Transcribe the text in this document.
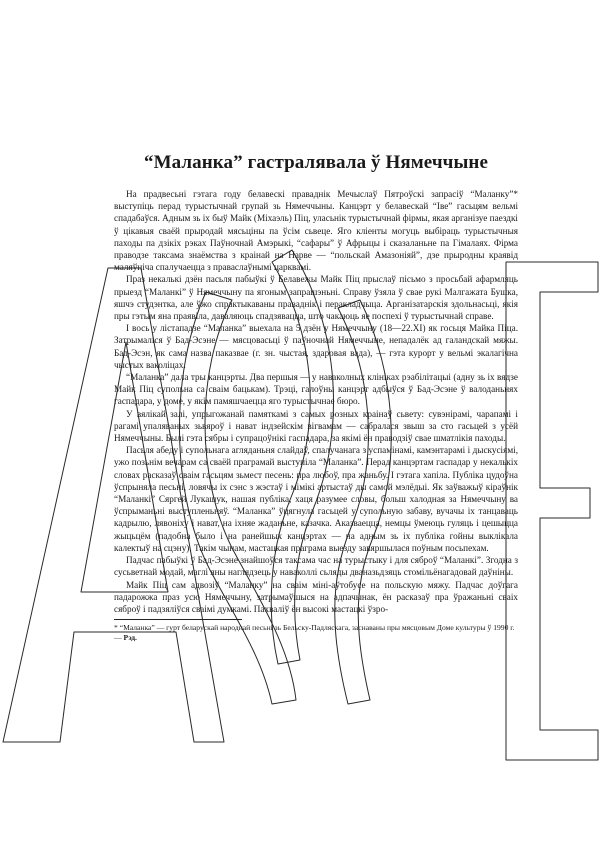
“Маланка” гастралявала ў Нямеччыне

На прадвесьні гэтага году белавескі праваднік Мечыслаў Пятроўскі запрасіў “Маланку”* выступіць перад турыстычнай групай зь Нямеччыны. Канцэрт у белавескай “Іве” гасьцям вельмі спадабаўся. Адным зь іх быў Майк (Міхаэль) Піц, уласьнік турыстычнай фірмы, якая арганізуе паездкі ў цікавыя сваёй прыродай мясьціны па ўсім сьвеце. Яго кліенты могуць выбіраць турыстычныя паходы па дзікіх рэках Паўночнай Амэрыкі, “сафары” ў Афрыцы і сказаланьне па Гімалаях. Фірма праводзе таксама знаёмства з краінай на Нарве — “польскай Амазоніяй”, дзе прыродны краявід маляўніча спалучаецца з праваслаўнымі царквамі.

Праз некалькі дзён пасьля пабыўкі ў Белавежы Майк Піц прыслаў пісьмо з просьбай афармляць прыезд “Маланкі” ў Нямеччыну па ягоным запрашэньні. Справу ўзяла ў свае рукі Малгажата Бушка, яшчэ студэнтка, але ўжо спрактыкаваны праваднік і перакладчыца. Арганізатарскія здольнасьці, якія пры гэтым яна праявіла, даваляюць спадзявацца, што чакаюць яе поспехі ў турыстычнай справе.

І вось у лістападзе “Маланка” выехала на 5 дзён у Нямеччыну (18—22.XI) як госьця Майка Піца. Затрымаліся ў Бад-Эсэне — мясцовасьці ў паўночнай Нямеччыне, непадалёк ад галандскай мяжы. Бад-Эсэн, як сама назва паказвае (г. зн. чыстая, здаровая вада), — гэта курорт у вельмі экалагічна чыстых ваколіцах.

“Маланка” дала тры канцэрты. Два першыя — у наваколных клініках рэабілітацыі (адну зь іх вядзе Майк Піц супольна са сваім бацькам). Трэці, галоўны канцэрт адбыўся ў Бад-Эсэне ў валоданьнях гаспадара, у доме, у якім памяшчаецца яго турыстычнае бюро.

У вялікай залі, упрыгожанай памяткамі з самых розных краінаў сьвету: сувэнірамі, чарапамі і рагамі упаляваных зьвяроў і нават індзейскім вігвамам — сабралася звыш за сто гасьцей з усёй Нямеччыны. Былі гэта сябры і супрацоўнікі гаспадара, за якімі ён праводзіў свае шматлікія паходы.

Пасьля абеду і супольнага агляданьня слайдаў, спалучанага з успамінамі, камэнтарамі і дыскусіямі, ужо позьнім вечарам са сваёй праграмай выступіла “Маланка”. Перад канцэртам гаспадар у некалькіх словах расказаў сваім гасьцям зьмест песень: пра любоў, пра жаньбу. І гэтага хапіла. Публіка цудоўна ўспрыняла песьні, ловячы іх сэнс з жэстаў і мімікі артыстаў ды самой мэлёдыі. Як заўважыў кіраўнік “Маланкі” Сяргей Лукашук, нашая публіка, хаця разумее словы, больш халодная за Нямеччыну ва ўспрыманьні выступленьняў. “Маланка” ўцягнула гасьцей у супольную забаву, вучачы іх танцаваць кадрылю, лявоніху і нават, на іхняе жаданьне, казачка. Аказваецца, немцы ўмеюць гуляць і цешыцца жыцьцём (падобна было і на ранейшых канцэртах — на адным зь іх публіка гойны выклікала калектыў на сцэну). Такім чынам, мастацкая праграма выезду завяршылася поўным посьпехам.

Падчас пабыўкі ў Бад-Эсэне знайшоўся таксама час на турыстыку і для сяброў “Маланкі”. Згодна з сусьветнай модай, маглі яны наглядзець у наваколлі сьляды дваназьдзяць стомільёнагадовай даўніны.

Майк Піц сам адвозіў “Маланку” на сваім міні-аўтобусе на польскую мяжу. Падчас доўгага падарожжа праз усю Нямеччыну, затрымаўшыся на адпачынак, ён расказаў пра ўражаньні сваіх сяброў і падзяліўся сваімі думкамі. Пахваліў ён высокі мастацкі ўзро-

* “Маланка” — гурт беларускай народнай песьні зь Бельску-Падляскага, заснаваны пры мясцовым Доме культуры ў 1990 г. — Рэд.
